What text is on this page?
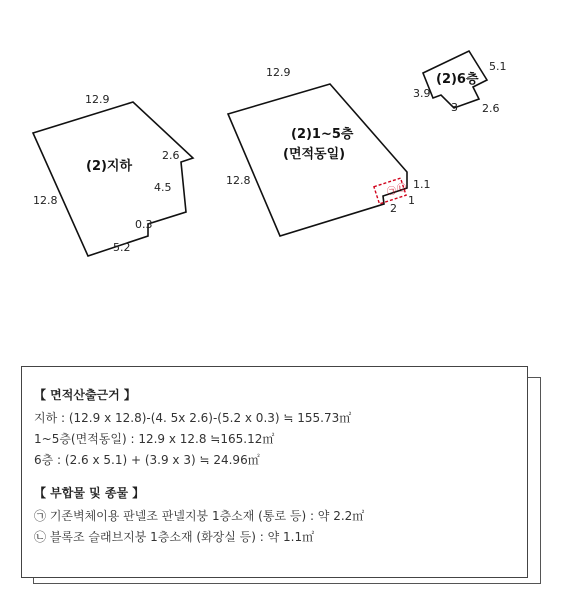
12.9
12.8
2.6
4.5
0.3
5.2
(2)지하
㉠ ㉡
12.9
12.8	1.1
2
1
(2)1~5층
(면적동일)
5.1
3.9
3 2.6
(2)6층
【 면적산출근거 】
지하 : (12.9 x 12.8)-(4. 5x 2.6)-(5.2 x 0.3) ≒ 155.73㎡
1~5층(면적동일) : 12.9 x 12.8 ≒165.12㎡
6층 : (2.6 x 5.1) + (3.9 x 3) ≒ 24.96㎡
【 부합물 및 종물 】
㉠ 기존벽체이용 판넬조 판넬지붕 1층소재 (통로 등) : 약 2.2㎡
㉡ 블록조 슬래브지붕 1층소재 (화장실 등) : 약 1.1㎡
